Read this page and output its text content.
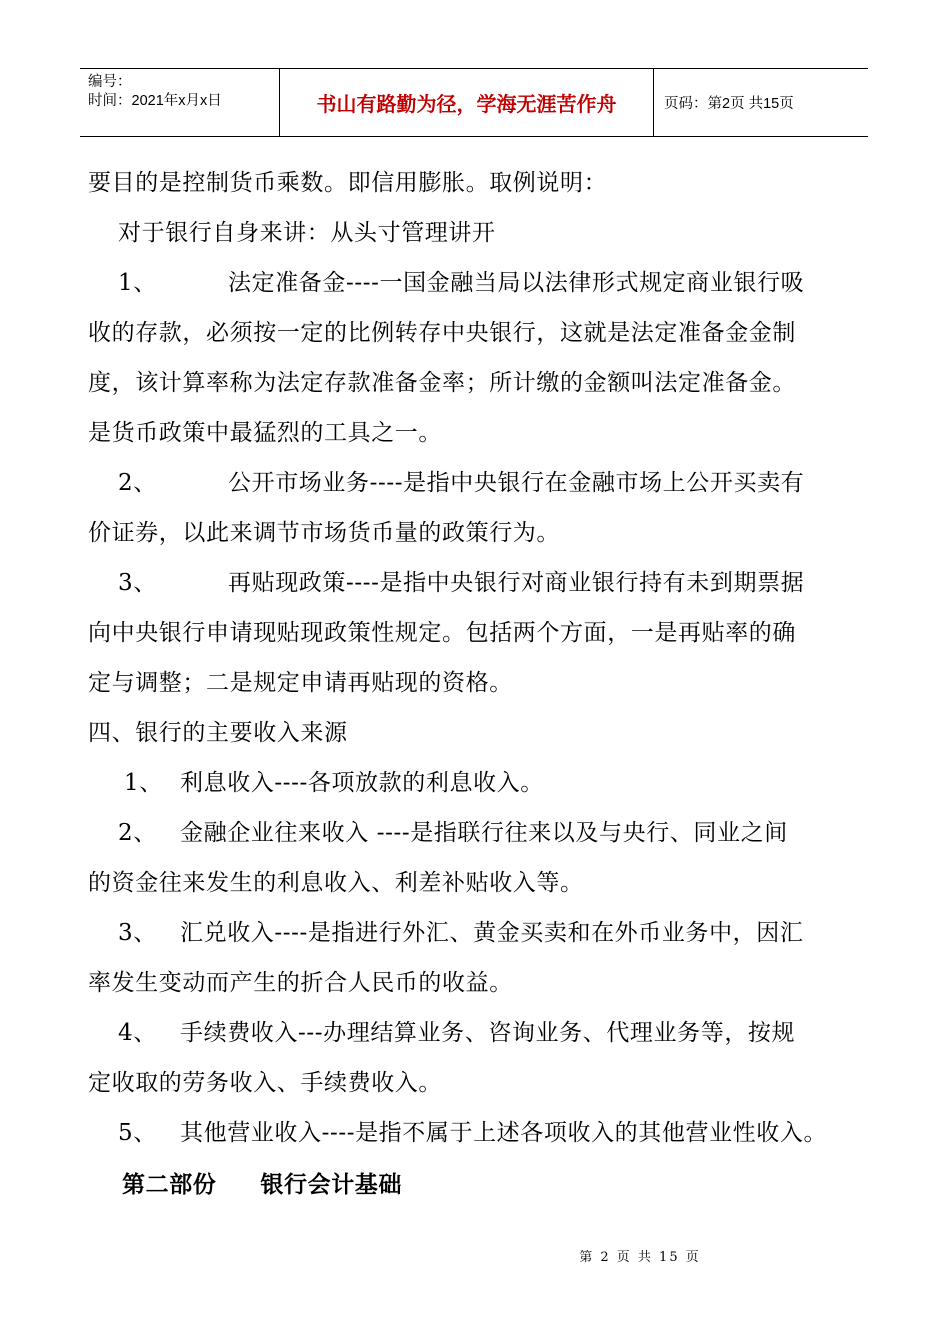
编号：
时间：2021年x月x日	书山有路勤为径，学海无涯苦作舟	页码：第2页 共15页

要目的是控制货币乘数。即信用膨胀。取例说明：

对于银行自身来讲：从头寸管理讲开

1、	法定准备金----一国金融当局以法律形式规定商业银行吸

收的存款，必须按一定的比例转存中央银行，这就是法定准备金金制

度，该计算率称为法定存款准备金率；所计缴的金额叫法定准备金。

是货币政策中最猛烈的工具之一。

2、	公开市场业务----是指中央银行在金融市场上公开买卖有

价证券，以此来调节市场货币量的政策行为。

3、	再贴现政策----是指中央银行对商业银行持有未到期票据

向中央银行申请现贴现政策性规定。包括两个方面，一是再贴率的确

定与调整；二是规定申请再贴现的资格。

四、银行的主要收入来源

1、 利息收入----各项放款的利息收入。

2、 金融企业往来收入 ----是指联行往来以及与央行、同业之间

的资金往来发生的利息收入、利差补贴收入等。

3、 汇兑收入----是指进行外汇、黄金买卖和在外币业务中，因汇

率发生变动而产生的折合人民币的收益。

4、 手续费收入---办理结算业务、咨询业务、代理业务等，按规

定收取的劳务收入、手续费收入。

5、 其他营业收入----是指不属于上述各项收入的其他营业性收入。

第二部份 银行会计基础

第 2 页 共 15 页
